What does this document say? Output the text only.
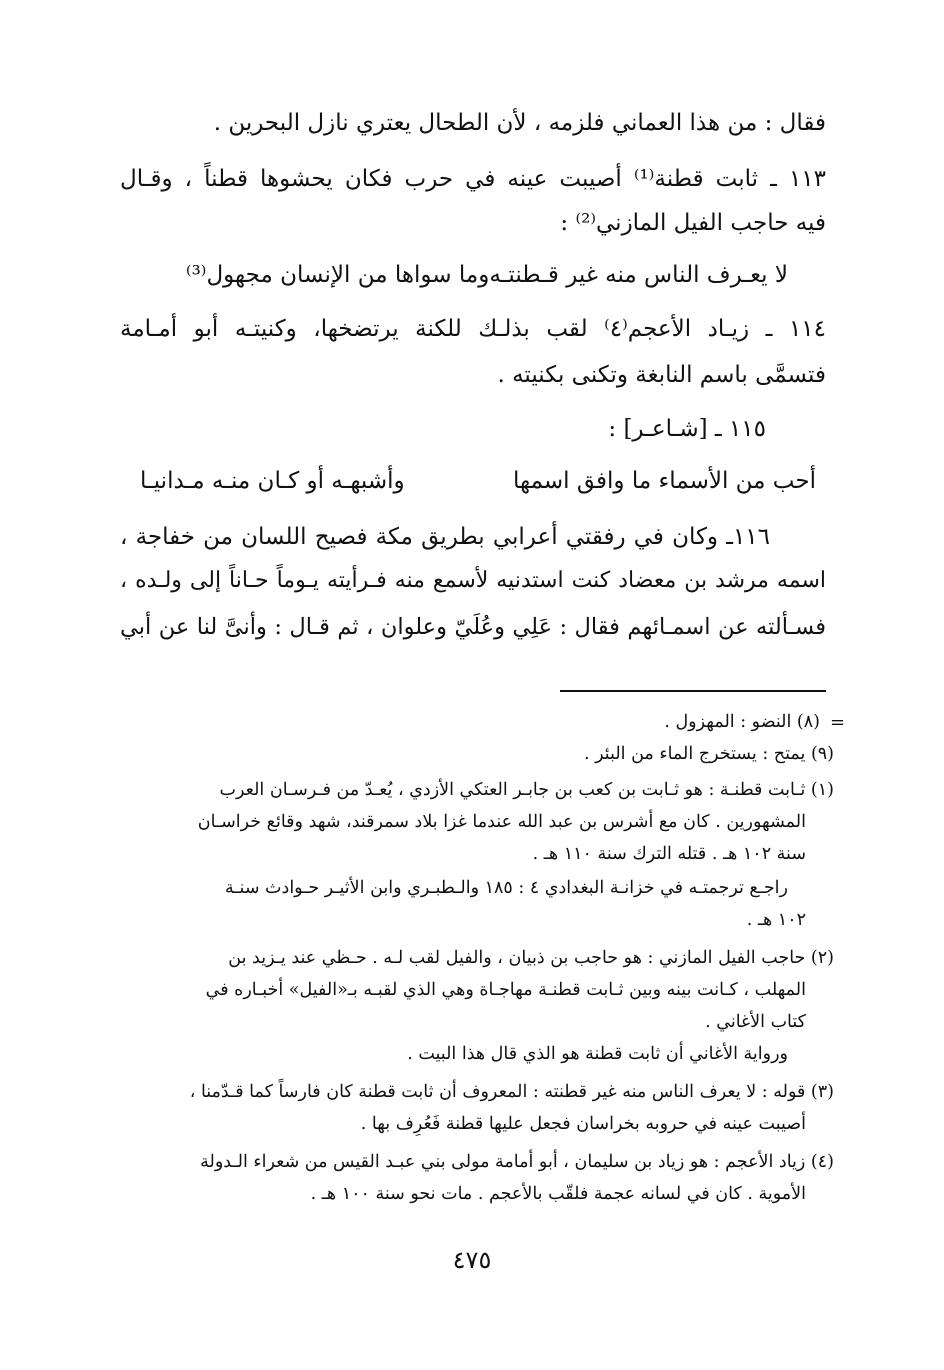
فقال : من هذا العماني فلزمه ، لأن الطحال يعتري نازل البحرين .
١١٣ ـ ثابت قطنة⁽¹⁾ أصيبت عينه في حرب فكان يحشوها قطناً ، وقـال
فيه حاجب الفيل المازني⁽²⁾ :
لا يعـرف الناس منه غير قـطنتـه
وما سواها من الإنسان مجهول⁽³⁾
١١٤ ـ زيـاد الأعجم⁽٤⁾ لقب بذلـك للكنة يرتضخها، وكنيتـه أبو أمـامة
فتسمَّى باسم النابغة وتكنى بكنيته .
١١٥ ـ [شـاعـر] :
أحب من الأسماء ما وافق اسمها
وأشبهـه أو كـان منـه مـدانيـا
١١٦ـ وكان في رفقتي أعرابي بطريق مكة فصيح اللسان من خفاجة ،
اسمه مرشد بن معضاد كنت استدنيه لأسمع منه فـرأيته يـوماً حـاناً إلى ولـده ،
فسـألته عن اسمـائهم فقال : عَلِي وعُلَيّ وعلوان ، ثم قـال : وأنىَّ لنا عن أبي
=
(٨) النضو : المهزول .
(٩) يمتح : يستخرج الماء من البئر .
(١) ثـابت قطنـة : هو ثـابت بن كعب بن جابـر العتكي الأزدي ، يُعـدّ من فـرسـان العرب
المشهورين . كان مع أشرس بن عبد الله عندما غزا بلاد سمرقند، شهد وقائع خراسـان
سنة ١٠٢ هـ . قتله الترك سنة ١١٠ هـ .
راجـع ترجمتـه في خزانـة البغدادي ٤ : ١٨٥ والـطبـري وابن الأثيـر حـوادث سنـة
١٠٢ هـ .
(٢) حاجب الفيل المازني : هو حاجب بن ذبيان ، والفيل لقب لـه . حـظي عند يـزيد بن
المهلب ، كـانت بينه وبين ثـابت قطنـة مهاجـاة وهي الذي لقبـه بـ«الفيل» أخبـاره في
كتاب الأغاني .
ورواية الأغاني أن ثابت قطنة هو الذي قال هذا البيت .
(٣) قوله : لا يعرف الناس منه غير قطنته : المعروف أن ثابت قطنة كان فارساً كما قـدّمنا ،
أصيبت عينه في حروبه بخراسان فجعل عليها قطنة فَعُرِف بها .
(٤) زياد الأعجم : هو زياد بن سليمان ، أبو أمامة مولى بني عبـد القيس من شعراء الـدولة
الأموية . كان في لسانه عجمة فلقّب بالأعجم . مات نحو سنة ١٠٠ هـ .
٤٧٥
